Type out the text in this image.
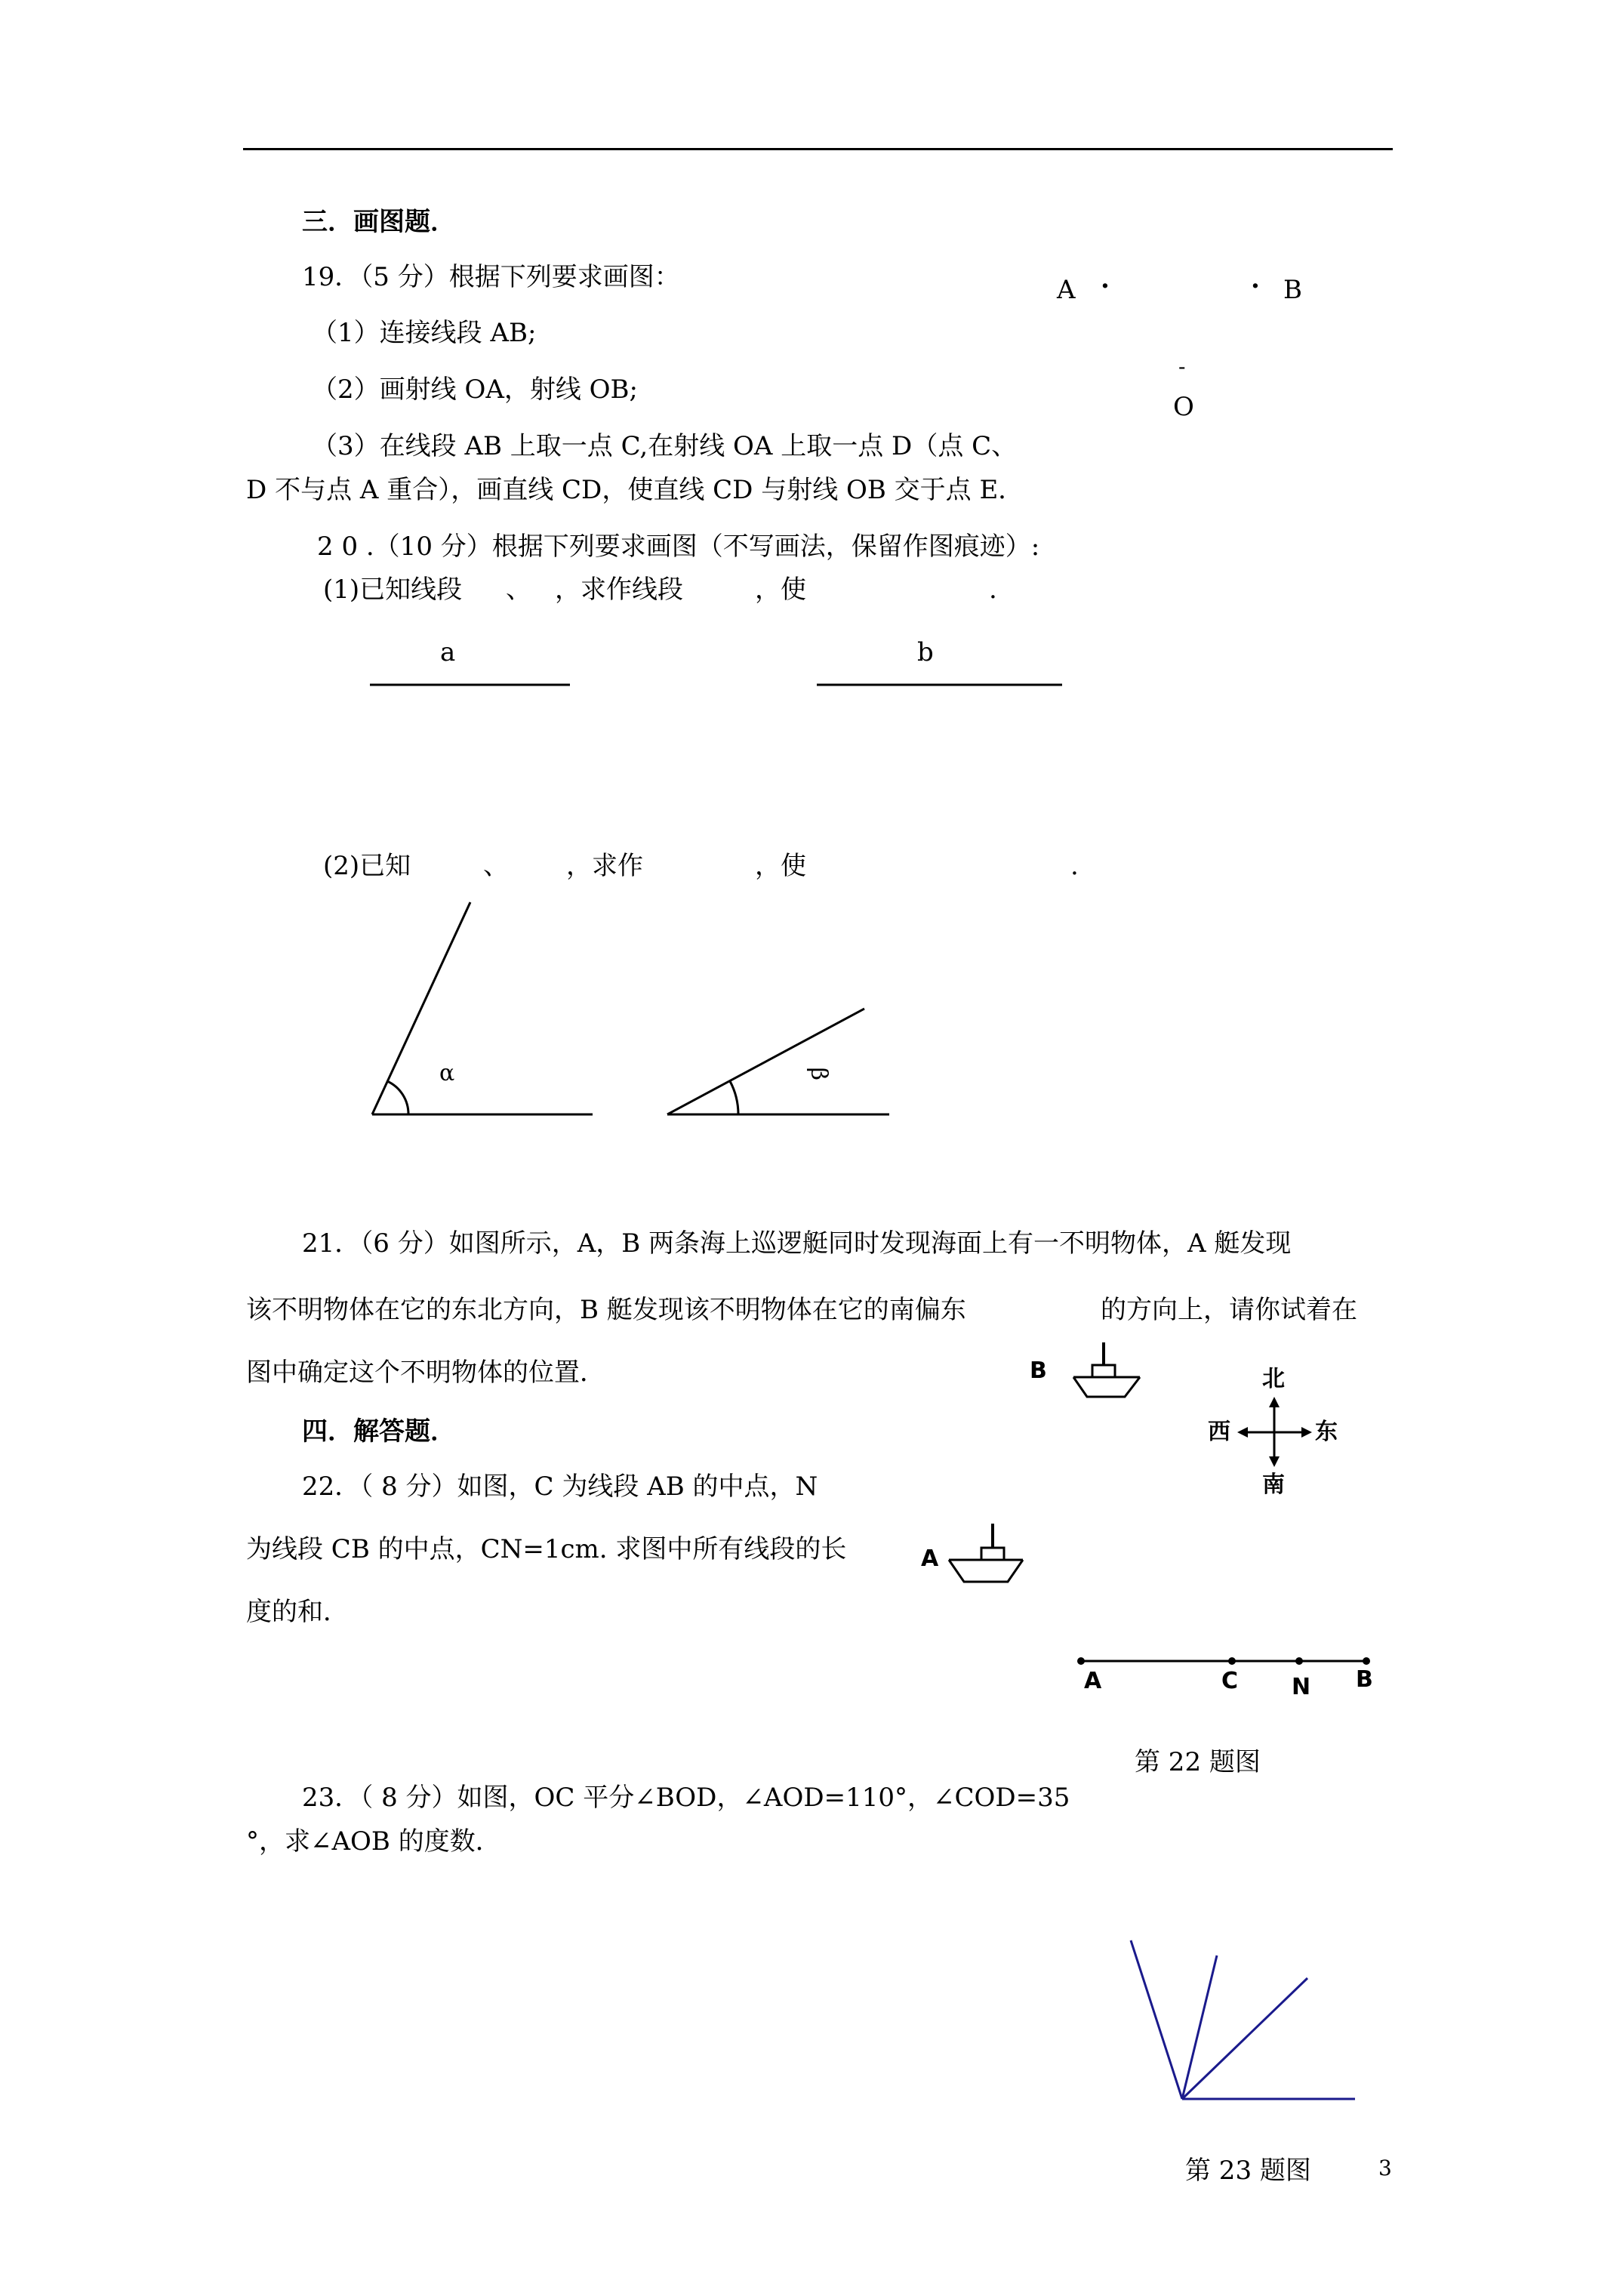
三．画图题．
19．（5 分）根据下列要求画图：
（1）连接线段 AB;
（2）画射线 OA，射线 OB;
（3）在线段 AB 上取一点 C,在射线 OA 上取一点 D（点 C、
D 不与点 A 重合），画直线 CD，使直线 CD 与射线 OB 交于点 E．
A ·	· B
-
O
2 0 .（10 分）根据下列要求画图（不写画法，保留作图痕迹）:
(1)已知线段 、 ，求作线段	，使	.
a	b
(2)已知	、 ，求作	，使	.
α	β
21．（6 分）如图所示，A，B 两条海上巡逻艇同时发现海面上有一不明物体，A 艇发现
该不明物体在它的东北方向，B 艇发现该不明物体在它的南偏东	的方向上，请你试着在
图中确定这个不明物体的位置．	B	北
南
东
西
四．解答题．
22．（ 8 分）如图，C 为线段 AB 的中点，N
为线段 CB 的中点，CN=1cm. 求图中所有线段的长
度的和．
A
A	C N B
第 22 题图
23．（ 8 分）如图，OC 平分∠BOD，∠AOD=110°，∠COD=35
°，求∠AOB 的度数．
第 23 题图	3
